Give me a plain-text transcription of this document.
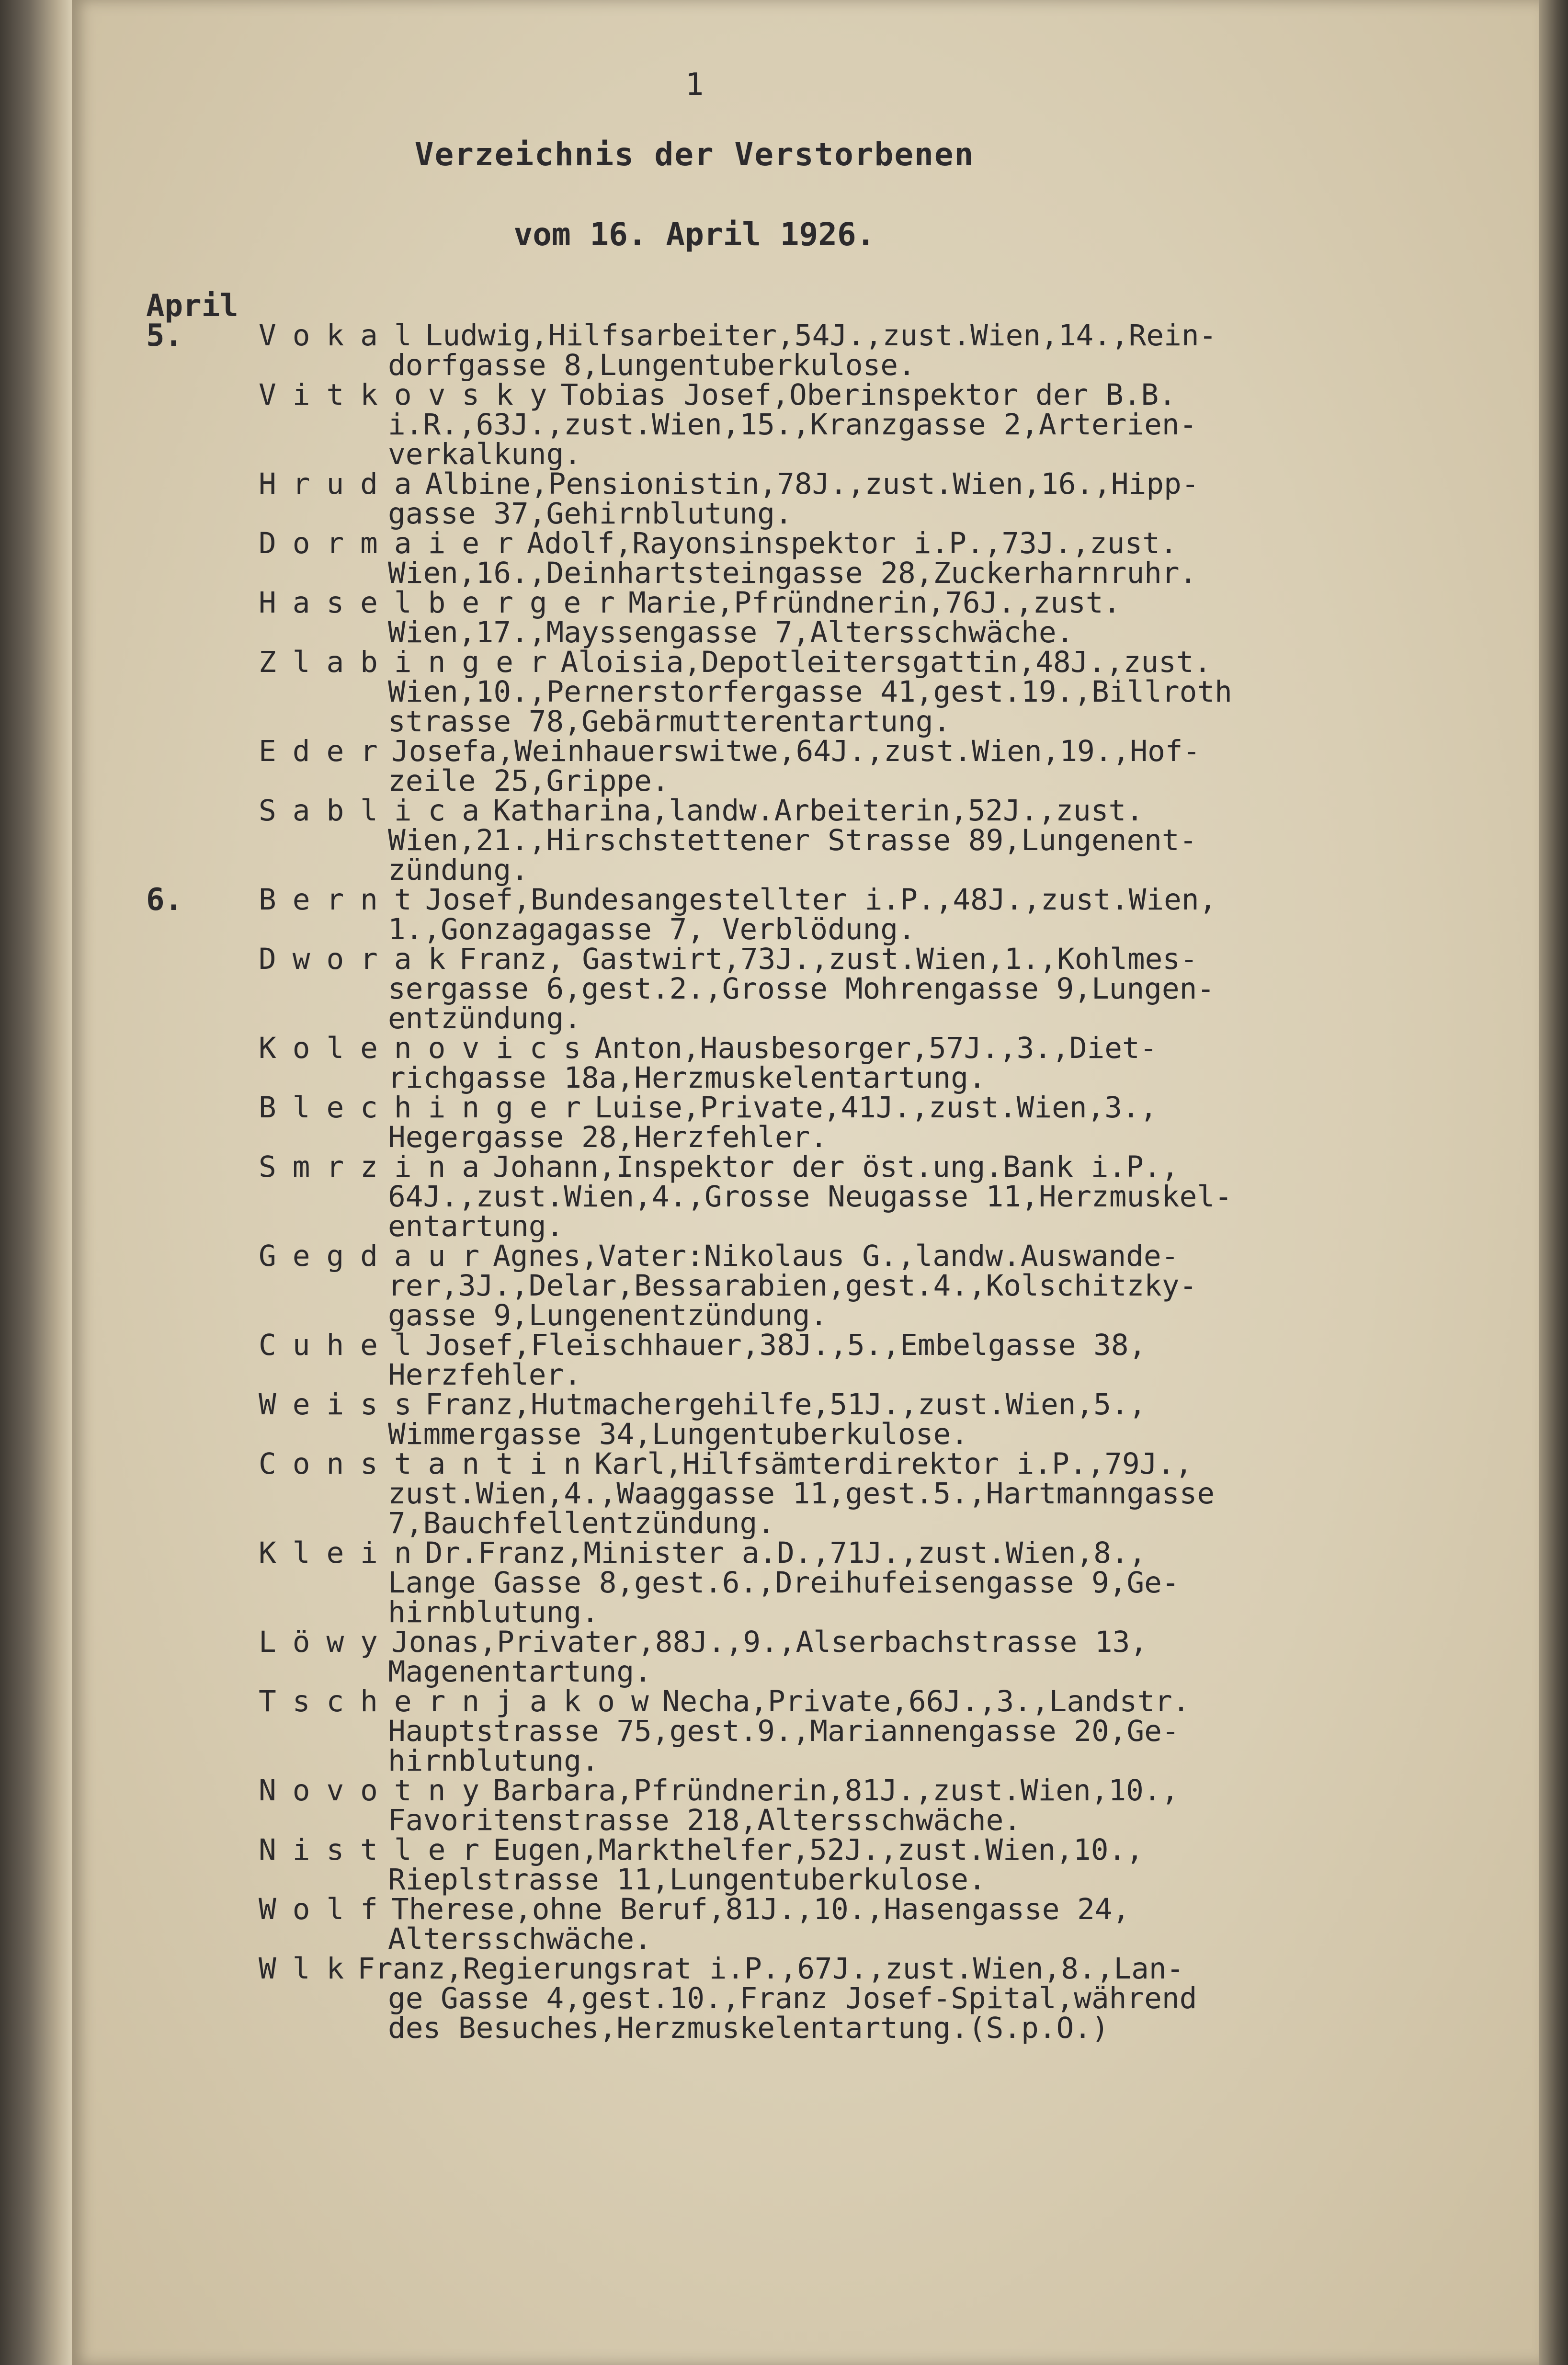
1

Verzeichnis der Verstorbenen

vom 16. April 1926.

April

5.	VokalLudwig,Hilfsarbeiter,54J.,zust.Wien,14.,Rein-

dorfgasse 8,Lungentuberkulose.

VitkovskyTobias Josef,Oberinspektor der B.B.

i.R.,63J.,zust.Wien,15.,Kranzgasse 2,Arterien-

verkalkung.

HrudaAlbine,Pensionistin,78J.,zust.Wien,16.,Hipp-

gasse 37,Gehirnblutung.

DormaierAdolf,Rayonsinspektor i.P.,73J.,zust.

Wien,16.,Deinhartsteingasse 28,Zuckerharnruhr.

HaselbergerMarie,Pfründnerin,76J.,zust.

Wien,17.,Mayssengasse 7,Altersschwäche.

ZlabingerAloisia,Depotleitersgattin,48J.,zust.

Wien,10.,Pernerstorfergasse 41,gest.19.,Billroth

strasse 78,Gebärmutterentartung.

EderJosefa,Weinhauerswitwe,64J.,zust.Wien,19.,Hof-

zeile 25,Grippe.

SablicaKatharina,landw.Arbeiterin,52J.,zust.

Wien,21.,Hirschstettener Strasse 89,Lungenent-

zündung.

6.	BerntJosef,Bundesangestellter i.P.,48J.,zust.Wien,

1.,Gonzagagasse 7, Verblödung.

DworakFranz, Gastwirt,73J.,zust.Wien,1.,Kohlmes-

sergasse 6,gest.2.,Grosse Mohrengasse 9,Lungen-

entzündung.

KolenovicsAnton,Hausbesorger,57J.,3.,Diet-

richgasse 18a,Herzmuskelentartung.

BlechingerLuise,Private,41J.,zust.Wien,3.,

Hegergasse 28,Herzfehler.

SmrzinaJohann,Inspektor der öst.ung.Bank i.P.,

64J.,zust.Wien,4.,Grosse Neugasse 11,Herzmuskel-

entartung.

GegdaurAgnes,Vater:Nikolaus G.,landw.Auswande-

rer,3J.,Delar,Bessarabien,gest.4.,Kolschitzky-

gasse 9,Lungenentzündung.

CuhelJosef,Fleischhauer,38J.,5.,Embelgasse 38,

Herzfehler.

WeissFranz,Hutmachergehilfe,51J.,zust.Wien,5.,

Wimmergasse 34,Lungentuberkulose.

ConstantinKarl,Hilfsämterdirektor i.P.,79J.,

zust.Wien,4.,Waaggasse 11,gest.5.,Hartmanngasse

7,Bauchfellentzündung.

KleinDr.Franz,Minister a.D.,71J.,zust.Wien,8.,

Lange Gasse 8,gest.6.,Dreihufeisengasse 9,Ge-

hirnblutung.

LöwyJonas,Privater,88J.,9.,Alserbachstrasse 13,

Magenentartung.

TschernjakowNecha,Private,66J.,3.,Landstr.

Hauptstrasse 75,gest.9.,Mariannengasse 20,Ge-

hirnblutung.

NovotnyBarbara,Pfründnerin,81J.,zust.Wien,10.,

Favoritenstrasse 218,Altersschwäche.

NistlerEugen,Markthelfer,52J.,zust.Wien,10.,

Rieplstrasse 11,Lungentuberkulose.

WolfTherese,ohne Beruf,81J.,10.,Hasengasse 24,

Altersschwäche.

WlkFranz,Regierungsrat i.P.,67J.,zust.Wien,8.,Lan-

ge Gasse 4,gest.10.,Franz Josef-Spital,während

des Besuches,Herzmuskelentartung.(S.p.O.)
